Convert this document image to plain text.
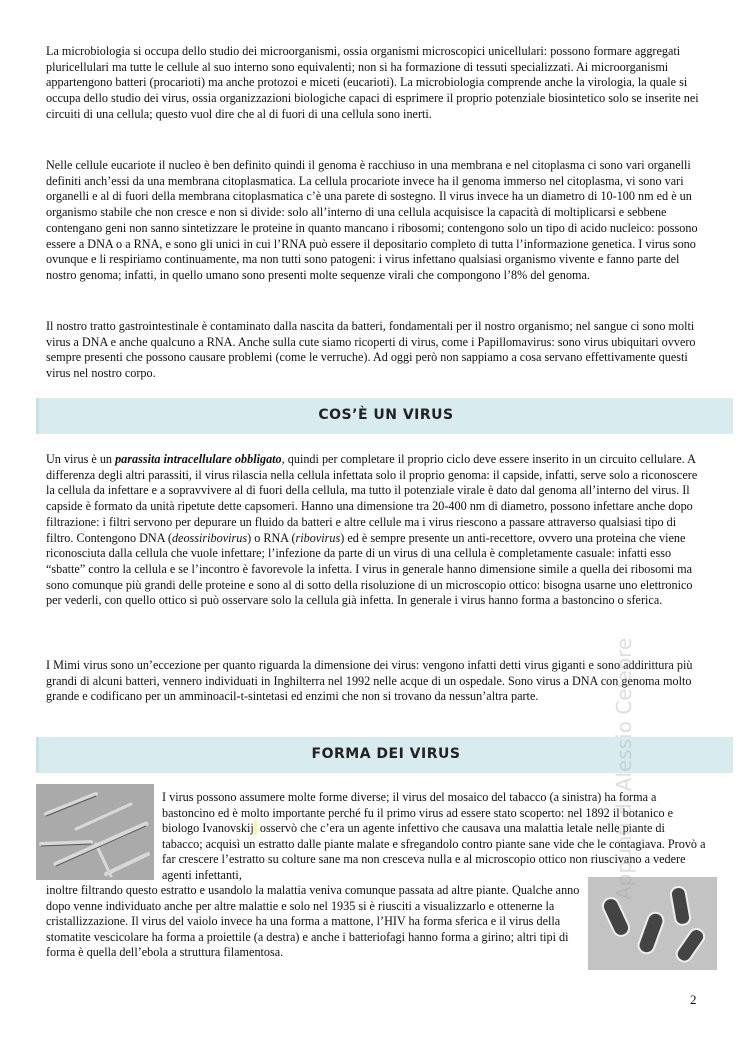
La microbiologia si occupa dello studio dei microorganismi, ossia organismi microscopici unicellulari: possono formare aggregati pluricellulari ma tutte le cellule al suo interno sono equivalenti; non si ha formazione di tessuti specializzati. Ai microorganismi appartengono batteri (procarioti) ma anche protozoi e miceti (eucarioti). La microbiologia comprende anche la virologia, la quale si occupa dello studio dei virus, ossia organizzazioni biologiche capaci di esprimere il proprio potenziale biosintetico solo se inserite nei circuiti di una cellula; questo vuol dire che al di fuori di una cellula sono inerti.

Nelle cellule eucariote il nucleo è ben definito quindi il genoma è racchiuso in una membrana e nel citoplasma ci sono vari organelli definiti anch’essi da una membrana citoplasmatica. La cellula procariote invece ha il genoma immerso nel citoplasma, vi sono vari organelli e al di fuori della membrana citoplasmatica c’è una parete di sostegno. Il virus invece ha un diametro di 10-100 nm ed è un organismo stabile che non cresce e non si divide: solo all’interno di una cellula acquisisce la capacità di moltiplicarsi e sebbene contengano geni non sanno sintetizzare le proteine in quanto mancano i ribosomi; contengono solo un tipo di acido nucleico: possono essere a DNA o a RNA, e sono gli unici in cui l’RNA può essere il depositario completo di tutta l’informazione genetica. I virus sono ovunque e li respiriamo continuamente, ma non tutti sono patogeni: i virus infettano qualsiasi organismo vivente e fanno parte del nostro genoma; infatti, in quello umano sono presenti molte sequenze virali che compongono l’8% del genoma.

Il nostro tratto gastrointestinale è contaminato dalla nascita da batteri, fondamentali per il nostro organismo; nel sangue ci sono molti virus a DNA e anche qualcuno a RNA. Anche sulla cute siamo ricoperti di virus, come i Papillomavirus: sono virus ubiquitari ovvero sempre presenti che possono causare problemi (come le verruche). Ad oggi però non sappiamo a cosa servano effettivamente questi virus nel nostro corpo.

COS’È UN VIRUS

Un virus è un parassita intracellulare obbligato, quindi per completare il proprio ciclo deve essere inserito in un circuito cellulare. A differenza degli altri parassiti, il virus rilascia nella cellula infettata solo il proprio genoma: il capside, infatti, serve solo a riconoscere la cellula da infettare e a sopravvivere al di fuori della cellula, ma tutto il potenziale virale è dato dal genoma all’interno del virus. Il capside è formato da unità ripetute dette capsomeri. Hanno una dimensione tra 20-400 nm di diametro, possono infettare anche dopo filtrazione: i filtri servono per depurare un fluido da batteri e altre cellule ma i virus riescono a passare attraverso qualsiasi tipo di filtro. Contengono DNA (deossiribovirus) o RNA (ribovirus) ed è sempre presente un anti-recettore, ovvero una proteina che viene riconosciuta dalla cellula che vuole infettare; l’infezione da parte di un virus di una cellula è completamente casuale: infatti esso “sbatte” contro la cellula e se l’incontro è favorevole la infetta. I virus in generale hanno dimensione simile a quella dei ribosomi ma sono comunque più grandi delle proteine e sono al di sotto della risoluzione di un microscopio ottico: bisogna usarne uno elettronico per vederli, con quello ottico si può osservare solo la cellula già infetta. In generale i virus hanno forma a bastoncino o sferica.

I Mimi virus sono un’eccezione per quanto riguarda la dimensione dei virus: vengono infatti detti virus giganti e sono addirittura più grandi di alcuni batteri, vennero individuati in Inghilterra nel 1992 nelle acque di un ospedale. Sono virus a DNA con genoma molto grande e codificano per un amminoacil-t-sintetasi ed enzimi che non si trovano da nessun’altra parte.

FORMA DEI VIRUS

I virus possono assumere molte forme diverse; il virus del mosaico del tabacco (a sinistra) ha forma a bastoncino ed è molto importante perché fu il primo virus ad essere stato scoperto: nel 1892 il botanico e biologo Ivanovskij  osservò che c’era un agente infettivo che causava una malattia letale nelle piante di tabacco; acquisì un estratto dalle piante malate e sfregandolo contro piante sane vide che le contagiava. Provò a far crescere l’estratto su colture sane ma non cresceva nulla e al microscopio ottico non riuscivano a vedere agenti infettanti,

inoltre filtrando questo estratto e usandolo la malattia veniva comunque passata ad altre piante. Qualche anno dopo venne individuato anche per altre malattie e solo nel 1935 si è riusciti a visualizzarlo e ottenerne la cristallizzazione. Il virus del vaiolo invece ha una forma a mattone, l’HIV ha forma sferica e il virus della stomatite vescicolare ha forma a proiettile (a destra) e anche i batteriofagi hanno forma a girino; altri tipi di forma è quella dell’ebola a struttura filamentosa.

Appunti di Alessio Celebre
2
